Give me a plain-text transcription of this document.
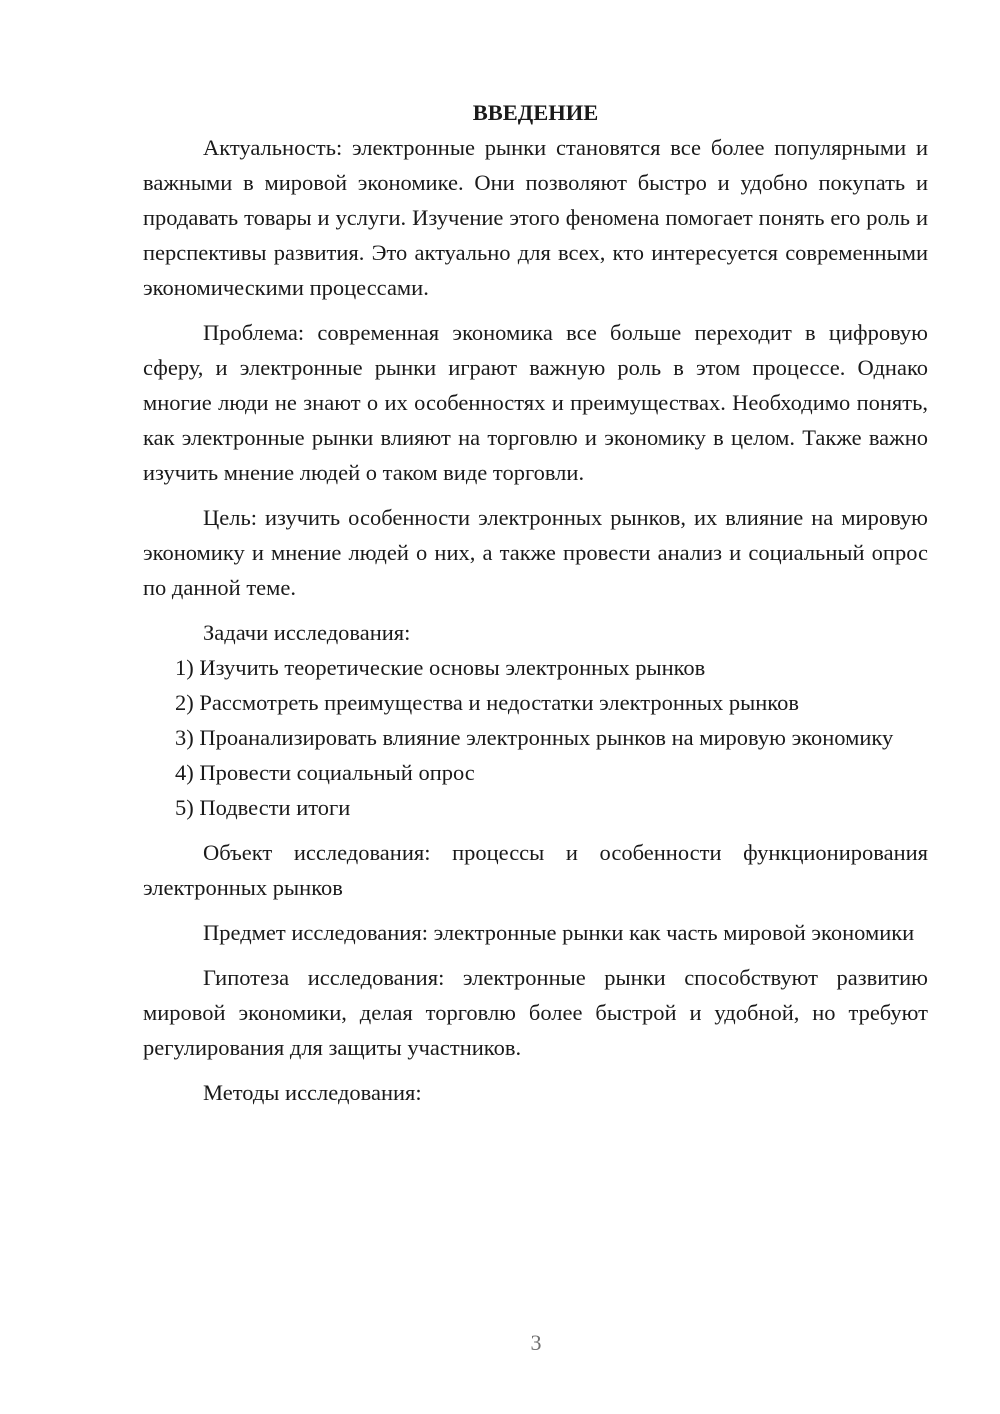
ВВЕДЕНИЕ

Актуальность: электронные рынки становятся все более популярными и важными в мировой экономике. Они позволяют быстро и удобно покупать и продавать товары и услуги. Изучение этого феномена помогает понять его роль и перспективы развития. Это актуально для всех, кто интересуется современными экономическими процессами.

Проблема: современная экономика все больше переходит в цифровую сферу, и электронные рынки играют важную роль в этом процессе. Однако многие люди не знают о их особенностях и преимуществах. Необходимо понять, как электронные рынки влияют на торговлю и экономику в целом. Также важно изучить мнение людей о таком виде торговли.

Цель: изучить особенности электронных рынков, их влияние на мировую экономику и мнение людей о них, а также провести анализ и социальный опрос по данной теме.

Задачи исследования:

1) Изучить теоретические основы электронных рынков

2) Рассмотреть преимущества и недостатки электронных рынков

3) Проанализировать влияние электронных рынков на мировую экономику

4) Провести социальный опрос

5) Подвести итоги

Объект исследования: процессы и особенности функционирования электронных рынков

Предмет исследования: электронные рынки как часть мировой экономики

Гипотеза исследования: электронные рынки способствуют развитию мировой экономики, делая торговлю более быстрой и удобной, но требуют регулирования для защиты участников.

Методы исследования:

3
